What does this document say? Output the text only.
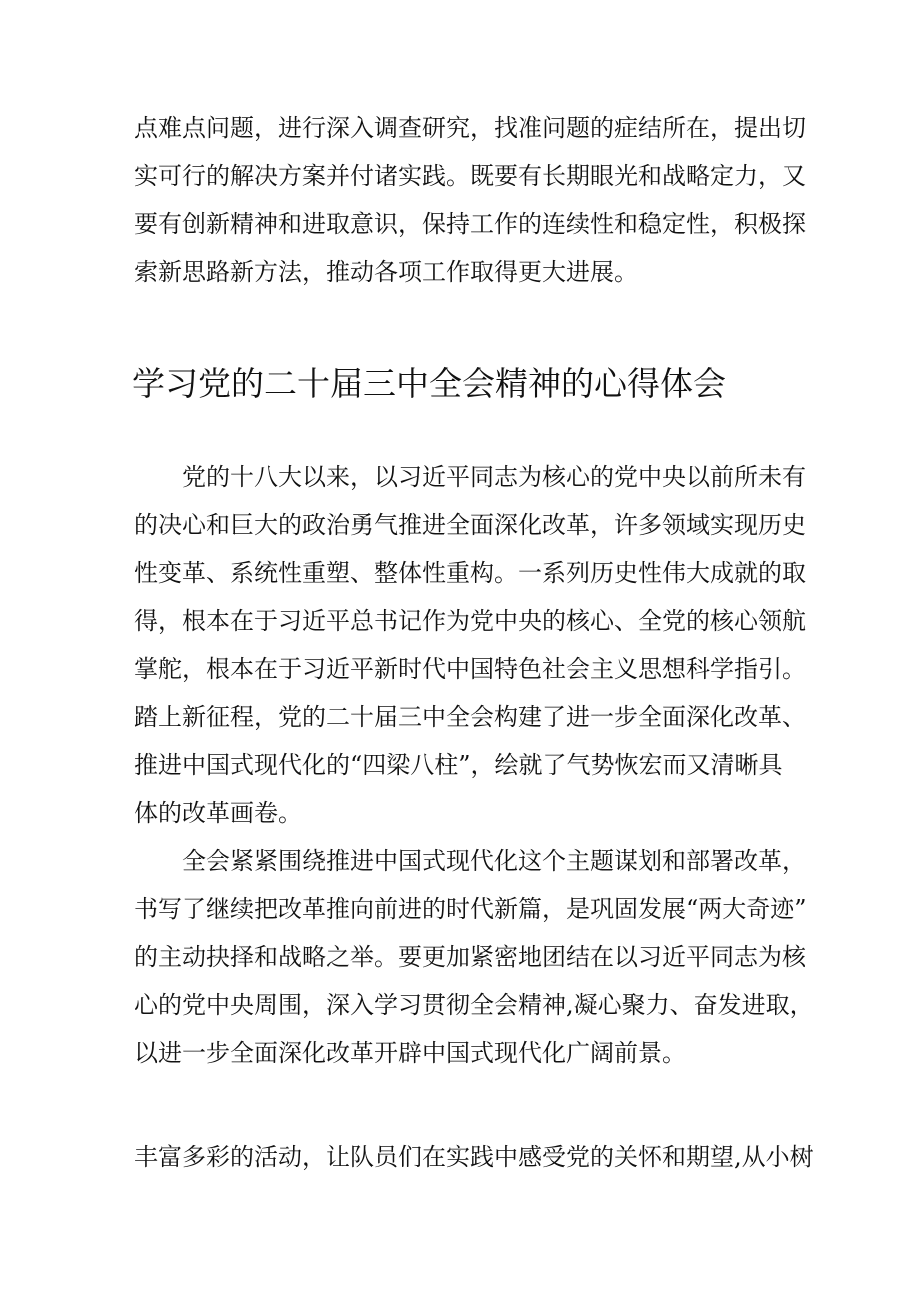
点难点问题，进行深入调查研究，找准问题的症结所在，提出切
实可行的解决方案并付诸实践。既要有长期眼光和战略定力，又
要有创新精神和进取意识，保持工作的连续性和稳定性，积极探
索新思路新方法，推动各项工作取得更大进展。

学习党的二十届三中全会精神的心得体会

党的十八大以来，以习近平同志为核心的党中央以前所未有
的决心和巨大的政治勇气推进全面深化改革，许多领域实现历史
性变革、系统性重塑、整体性重构。一系列历史性伟大成就的取
得，根本在于习近平总书记作为党中央的核心、全党的核心领航
掌舵，根本在于习近平新时代中国特色社会主义思想科学指引。
踏上新征程，党的二十届三中全会构建了进一步全面深化改革、
推进中国式现代化的“四梁八柱”，绘就了气势恢宏而又清晰具
体的改革画卷。

全会紧紧围绕推进中国式现代化这个主题谋划和部署改革，
书写了继续把改革推向前进的时代新篇，是巩固发展“两大奇迹”
的主动抉择和战略之举。要更加紧密地团结在以习近平同志为核
心的党中央周围，深入学习贯彻全会精神,凝心聚力、奋发进取，
以进一步全面深化改革开辟中国式现代化广阔前景。

丰富多彩的活动，让队员们在实践中感受党的关怀和期望,从小树
